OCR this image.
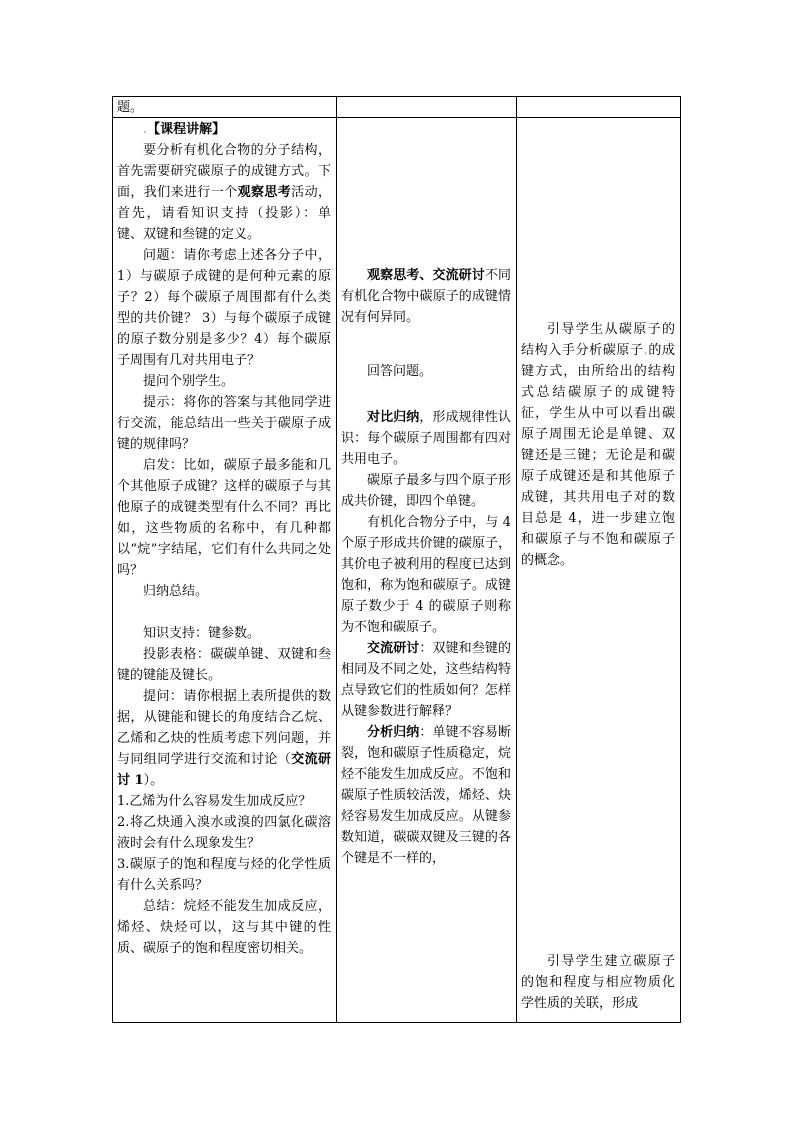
题。

.【课程讲解】

要分析有机化合物的分子结构，首先需要研究碳原子的成键方式。下面，我们来进行一个观察思考活动，首先，请看知识支持（投影）：单键、双键和叁键的定义。

问题：请你考虑上述各分子中，1）与碳原子成键的是何种元素的原子？2）每个碳原子周围都有什么类型的共价键？ 3）与每个碳原子成键的原子数分别是多少？4）每个碳原子周围有几对共用电子？

提问个别学生。

提示：将你的答案与其他同学进行交流，能总结出一些关于碳原子成键的规律吗？

启发：比如，碳原子最多能和几个其他原子成键？这样的碳原子与其他原子的成键类型有什么不同？再比如，这些物质的名称中，有几种都以“烷”字结尾，它们有什么共同之处吗？

归纳总结。

知识支持：键参数。

投影表格：碳碳单键、双键和叁键的键能及键长。

提问：请你根据上表所提供的数据，从键能和键长的角度结合乙烷、乙烯和乙炔的性质考虑下列问题，并与同组同学进行交流和讨论（交流研讨 1）。

1.乙烯为什么容易发生加成反应？

2.将乙炔通入溴水或溴的四氯化碳溶液时会有什么现象发生？

3.碳原子的饱和程度与烃的化学性质有什么关系吗？

总结：烷烃不能发生加成反应，烯烃、炔烃可以，这与其中键的性质、碳原子的饱和程度密切相关。

观察思考、交流研讨不同有机化合物中碳原子的成键情况有何异同。

回答问题。

对比归纳，形成规律性认识：每个碳原子周围都有四对共用电子。

碳原子最多与四个原子形成共价键，即四个单键。

有机化合物分子中，与 4 个原子形成共价键的碳原子，其价电子被利用的程度已达到饱和，称为饱和碳原子。成键原子数少于 4 的碳原子则称为不饱和碳原子。

交流研讨：双键和叁键的相同及不同之处，这些结构特点导致它们的性质如何？怎样从键参数进行解释？

分析归纳：单键不容易断裂，饱和碳原子性质稳定，烷烃不能发生加成反应。不饱和碳原子性质较活泼，烯烃、炔烃容易发生加成反应。从键参数知道，碳碳双键及三键的各个键是不一样的，

引导学生从碳原子的结构入手分析碳原子.的成键方式，由所给出的结构式总结碳原子的成键特征，学生从中可以看出碳原子周围无论是单键、双键还是三键；无论是和碳原子成键还是和其他原子成键，其共用电子对的数目总是 4，进一步建立饱和碳原子与不饱和碳原子的概念。

引导学生建立碳原子的饱和程度与相应物质化学性质的关联，形成
